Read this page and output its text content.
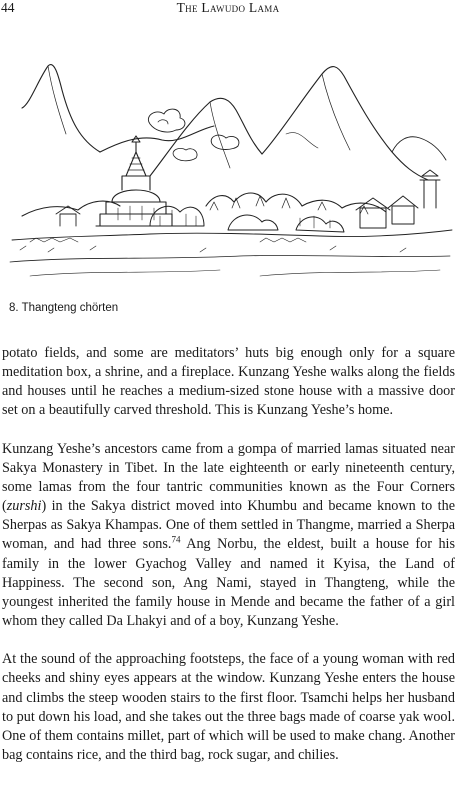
44	The Lawudo Lama
8. Thangteng chörten

potato fields, and some are meditators’ huts big enough only for a square meditation box, a shrine, and a fireplace. Kunzang Yeshe walks along the fields and houses until he reaches a medium-sized stone house with a massive door set on a beautifully carved threshold. This is Kunzang Yeshe’s home.

Kunzang Yeshe’s ancestors came from a gompa of married lamas situated near Sakya Monastery in Tibet. In the late eighteenth or early nineteenth century, some lamas from the four tantric communities known as the Four Corners (zurshi) in the Sakya district moved into Khumbu and became known to the Sherpas as Sakya Khampas. One of them settled in Thangme, married a Sherpa woman, and had three sons.$^{74}$ Ang Norbu, the eldest, built a house for his family in the lower Gyachog Valley and named it Kyisa, the Land of Happiness. The second son, Ang Nami, stayed in Thangteng, while the youngest inherited the family house in Mende and became the father of a girl whom they called Da Lhakyi and of a boy, Kunzang Yeshe.

At the sound of the approaching footsteps, the face of a young woman with red cheeks and shiny eyes appears at the window. Kunzang Yeshe enters the house and climbs the steep wooden stairs to the first floor. Tsamchi helps her husband to put down his load, and she takes out the three bags made of coarse yak wool. One of them contains millet, part of which will be used to make chang. Another bag contains rice, and the third bag, rock sugar, and chilies.
